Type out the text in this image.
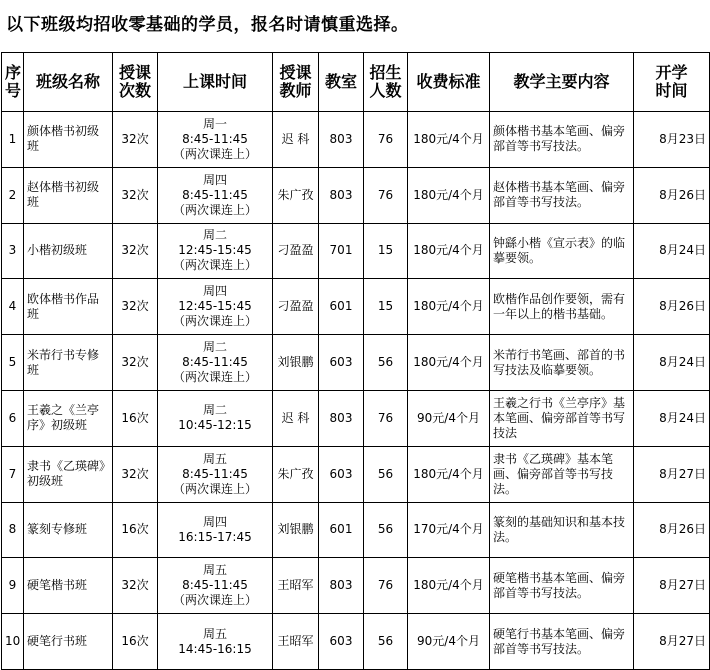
以下班级均招收零基础的学员，报名时请慎重选择。
序
号	班级名称	授课
次数	上课时间	授课
教师	教室	招生
人数	收费标准	教学主要内容	开学
时间

1	颜体楷书初级班	32次	周一
8:45-11:45
（两次课连上）	迟 科	803	76	180元/4个月	颜体楷书基本笔画、偏旁部首等书写技法。	8月23日
2	赵体楷书初级班	32次	周四
8:45-11:45
（两次课连上）	朱广孜	803	76	180元/4个月	赵体楷书基本笔画、偏旁部首等书写技法。	8月26日
3	小楷初级班	32次	周二
12:45-15:45
（两次课连上）	刁盈盈	701	15	180元/4个月	钟繇小楷《宣示表》的临摹要领。	8月24日
4	欧体楷书作品班	32次	周四
12:45-15:45
（两次课连上）	刁盈盈	601	15	180元/4个月	欧楷作品创作要领，需有一年以上的楷书基础。	8月26日
5	米芾行书专修班	32次	周二
8:45-11:45
（两次课连上）	刘银鹏	603	56	180元/4个月	米芾行书笔画、部首的书写技法及临摹要领。	8月24日
6	王羲之《兰亭序》初级班	16次	周二
10:45-12:15	迟 科	803	76	90元/4个月	王羲之行书《兰亭序》基本笔画、偏旁部首等书写技法	8月24日
7	隶书《乙瑛碑》初级班	32次	周五
8:45-11:45
（两次课连上）	朱广孜	603	56	180元/4个月	隶书《乙瑛碑》基本笔画、偏旁部首等书写技法。	8月27日
8	篆刻专修班	16次	周四
16:15-17:45	刘银鹏	601	56	170元/4个月	篆刻的基础知识和基本技法。	8月26日
9	硬笔楷书班	32次	周五
8:45-11:45
（两次课连上）	王昭军	803	76	180元/4个月	硬笔楷书基本笔画、偏旁部首等书写技法。	8月27日
10	硬笔行书班	16次	周五
14:45-16:15	王昭军	603	56	90元/4个月	硬笔行书基本笔画、偏旁部首等书写技法。	8月27日
